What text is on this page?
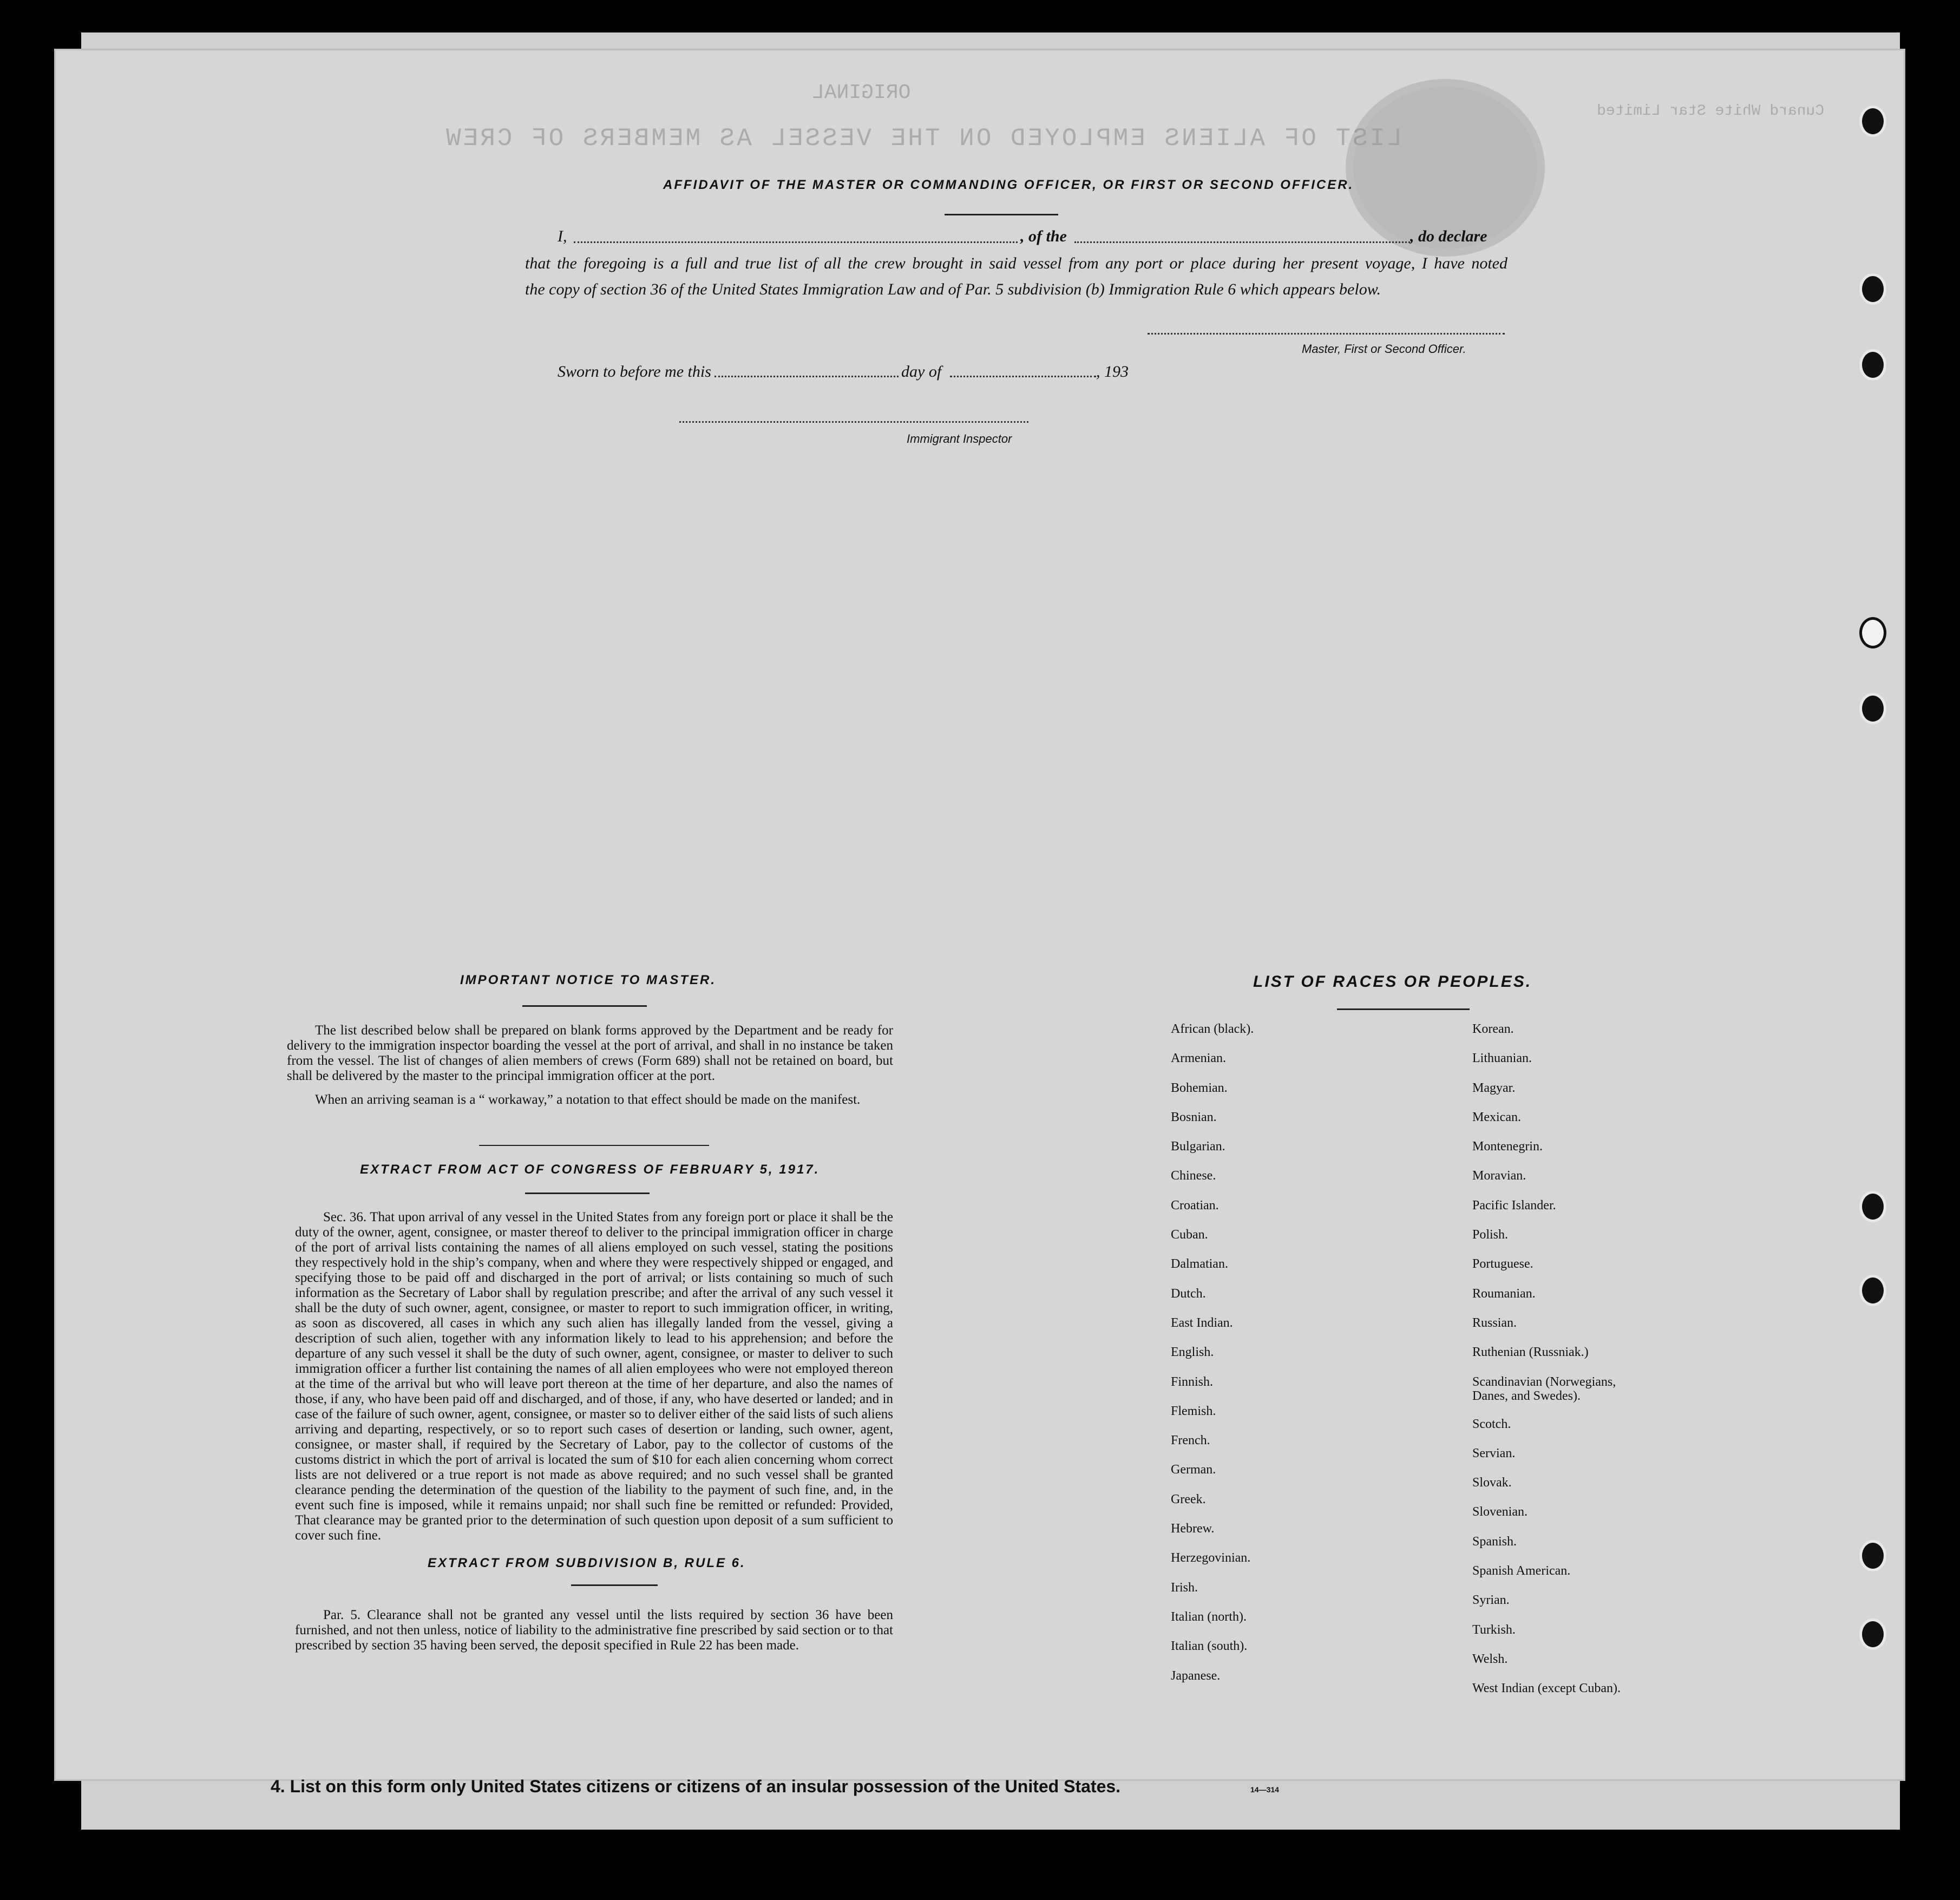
ORIGINAL
LIST OF ALIENS EMPLOYED ON THE VESSEL AS MEMBERS OF CREW
Cunard White Star Limited
AFFIDAVIT OF THE MASTER OR COMMANDING OFFICER, OR FIRST OR SECOND OFFICER.
I,	, of the	, do declare
that the foregoing is a full and true list of all the crew brought in said vessel from any port or place during her present voyage, I have noted
the copy of section 36 of the United States Immigration Law and of Par. 5 subdivision (b) Immigration Rule 6 which appears below.
Master, First or Second Officer.
Sworn to before me this	day of	, 193
Immigrant Inspector
IMPORTANT NOTICE TO MASTER.

The list described below shall be prepared on blank forms approved by the Department and be ready for delivery to the immigration inspector boarding the vessel at the port of arrival, and shall in no instance be taken from the vessel. The list of changes of alien members of crews (Form 689) shall not be retained on board, but shall be delivered by the master to the principal immigration officer at the port.

When an arriving seaman is a “ workaway,” a notation to that effect should be made on the manifest.

EXTRACT FROM ACT OF CONGRESS OF FEBRUARY 5, 1917.

Sec. 36. That upon arrival of any vessel in the United States from any foreign port or place it shall be the duty of the owner, agent, consignee, or master thereof to deliver to the principal immigration officer in charge of the port of arrival lists containing the names of all aliens employed on such vessel, stating the positions they respectively hold in the ship’s company, when and where they were respectively shipped or engaged, and specifying those to be paid off and discharged in the port of arrival; or lists containing so much of such information as the Secretary of Labor shall by regulation prescribe; and after the arrival of any such vessel it shall be the duty of such owner, agent, consignee, or master to report to such immigration officer, in writing, as soon as discovered, all cases in which any such alien has illegally landed from the vessel, giving a description of such alien, together with any information likely to lead to his apprehension; and before the departure of any such vessel it shall be the duty of such owner, agent, consignee, or master to deliver to such immigration officer a further list containing the names of all alien employees who were not employed thereon at the time of the arrival but who will leave port thereon at the time of her departure, and also the names of those, if any, who have been paid off and discharged, and of those, if any, who have deserted or landed; and in case of the failure of such owner, agent, consignee, or master so to deliver either of the said lists of such aliens arriving and departing, respectively, or so to report such cases of desertion or landing, such owner, agent, consignee, or master shall, if required by the Secretary of Labor, pay to the collector of customs of the customs district in which the port of arrival is located the sum of $10 for each alien concerning whom correct lists are not delivered or a true report is not made as above required; and no such vessel shall be granted clearance pending the determination of the question of the liability to the payment of such fine, and, in the event such fine is imposed, while it remains unpaid; nor shall such fine be remitted or refunded: Provided, That clearance may be granted prior to the determination of such question upon deposit of a sum sufficient to cover such fine.

EXTRACT FROM SUBDIVISION B, RULE 6.

Par. 5. Clearance shall not be granted any vessel until the lists required by section 36 have been furnished, and not then unless, notice of liability to the administrative fine prescribed by said section or to that prescribed by section 35 having been served, the deposit specified in Rule 22 has been made.

LIST OF RACES OR PEOPLES.
African (black).
Armenian.
Bohemian.
Bosnian.
Bulgarian.
Chinese.
Croatian.
Cuban.
Dalmatian.
Dutch.
East Indian.
English.
Finnish.
Flemish.
French.
German.
Greek.
Hebrew.
Herzegovinian.
Irish.
Italian (north).
Italian (south).
Japanese.
Korean.
Lithuanian.
Magyar.
Mexican.
Montenegrin.
Moravian.
Pacific Islander.
Polish.
Portuguese.
Roumanian.
Russian.
Ruthenian (Russniak.)
Scandinavian (Norwegians, Danes, and Swedes).
Scotch.
Servian.
Slovak.
Slovenian.
Spanish.
Spanish American.
Syrian.
Turkish.
Welsh.
West Indian (except Cuban).
4. List on this form only United States citizens or citizens of an insular possession of the United States.	14—314
